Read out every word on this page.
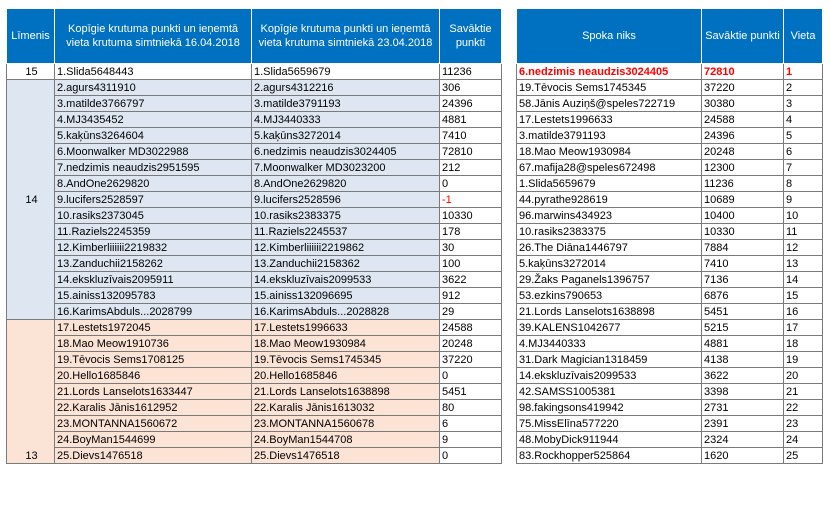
Līmenis	Kopīgie krutuma punkti un ieņemtā vieta krutuma simtniekā 16.04.2018	Kopīgie krutuma punkti un ieņemtā vieta krutuma simtniekā 23.04.2018	Savāktie punkti
15	1.Slida5648443	1.Slida5659679	11236
14	2.agurs4311910	2.agurs4312216	306
	3.matilde3766797	3.matilde3791193	24396
	4.MJ3435452	4.MJ3440333	4881
	5.kaķūns3264604	5.kaķūns3272014	7410
	6.Moonwalker MD3022988	6.nedzimis neaudzis3024405	72810
	7.nedzimis neaudzis2951595	7.Moonwalker MD3023200	212
	8.AndOne2629820	8.AndOne2629820	0
	9.lucifers2528597	9.lucifers2528596	-1
	10.rasiks2373045	10.rasiks2383375	10330
	11.Raziels2245359	11.Raziels2245537	178
	12.Kimberliiiiii2219832	12.Kimberliiiiii2219862	30
	13.Zanduchii2158262	13.Zanduchii2158362	100
	14.ekskluzīvais2095911	14.ekskluzīvais2099533	3622
	15.ainiss132095783	15.ainiss132096695	912
	16.KarimsAbduls...2028799	16.KarimsAbduls...2028828	29
13	17.Lestets1972045	17.Lestets1996633	24588
	18.Mao Meow1910736	18.Mao Meow1930984	20248
	19.Tēvocis Sems1708125	19.Tēvocis Sems1745345	37220
	20.Hello1685846	20.Hello1685846	0
	21.Lords Lanselots1633447	21.Lords Lanselots1638898	5451
	22.Karalis Jānis1612952	22.Karalis Jānis1613032	80
	23.MONTANNA1560672	23.MONTANNA1560678	6
	24.BoyMan1544699	24.BoyMan1544708	9
	25.Dievs1476518	25.Dievs1476518	0
Spoka niks	Savāktie punkti	Vieta
6.nedzimis neaudzis3024405	72810	1
19.Tēvocis Sems1745345	37220	2
58.Jānis Auziņš@speles722719	30380	3
17.Lestets1996633	24588	4
3.matilde3791193	24396	5
18.Mao Meow1930984	20248	6
67.mafija28@speles672498	12300	7
1.Slida5659679	11236	8
44.pyrathe928619	10689	9
96.marwins434923	10400	10
10.rasiks2383375	10330	11
26.The Diāna1446797	7884	12
5.kaķūns3272014	7410	13
29.Žaks Paganels1396757	7136	14
53.ezkins790653	6876	15
21.Lords Lanselots1638898	5451	16
39.KALENS1042677	5215	17
4.MJ3440333	4881	18
31.Dark Magician1318459	4138	19
14.ekskluzīvais2099533	3622	20
42.SAMSS1005381	3398	21
98.fakingsons419942	2731	22
75.MissElīna577220	2391	23
48.MobyDick911944	2324	24
83.Rockhopper525864	1620	25
